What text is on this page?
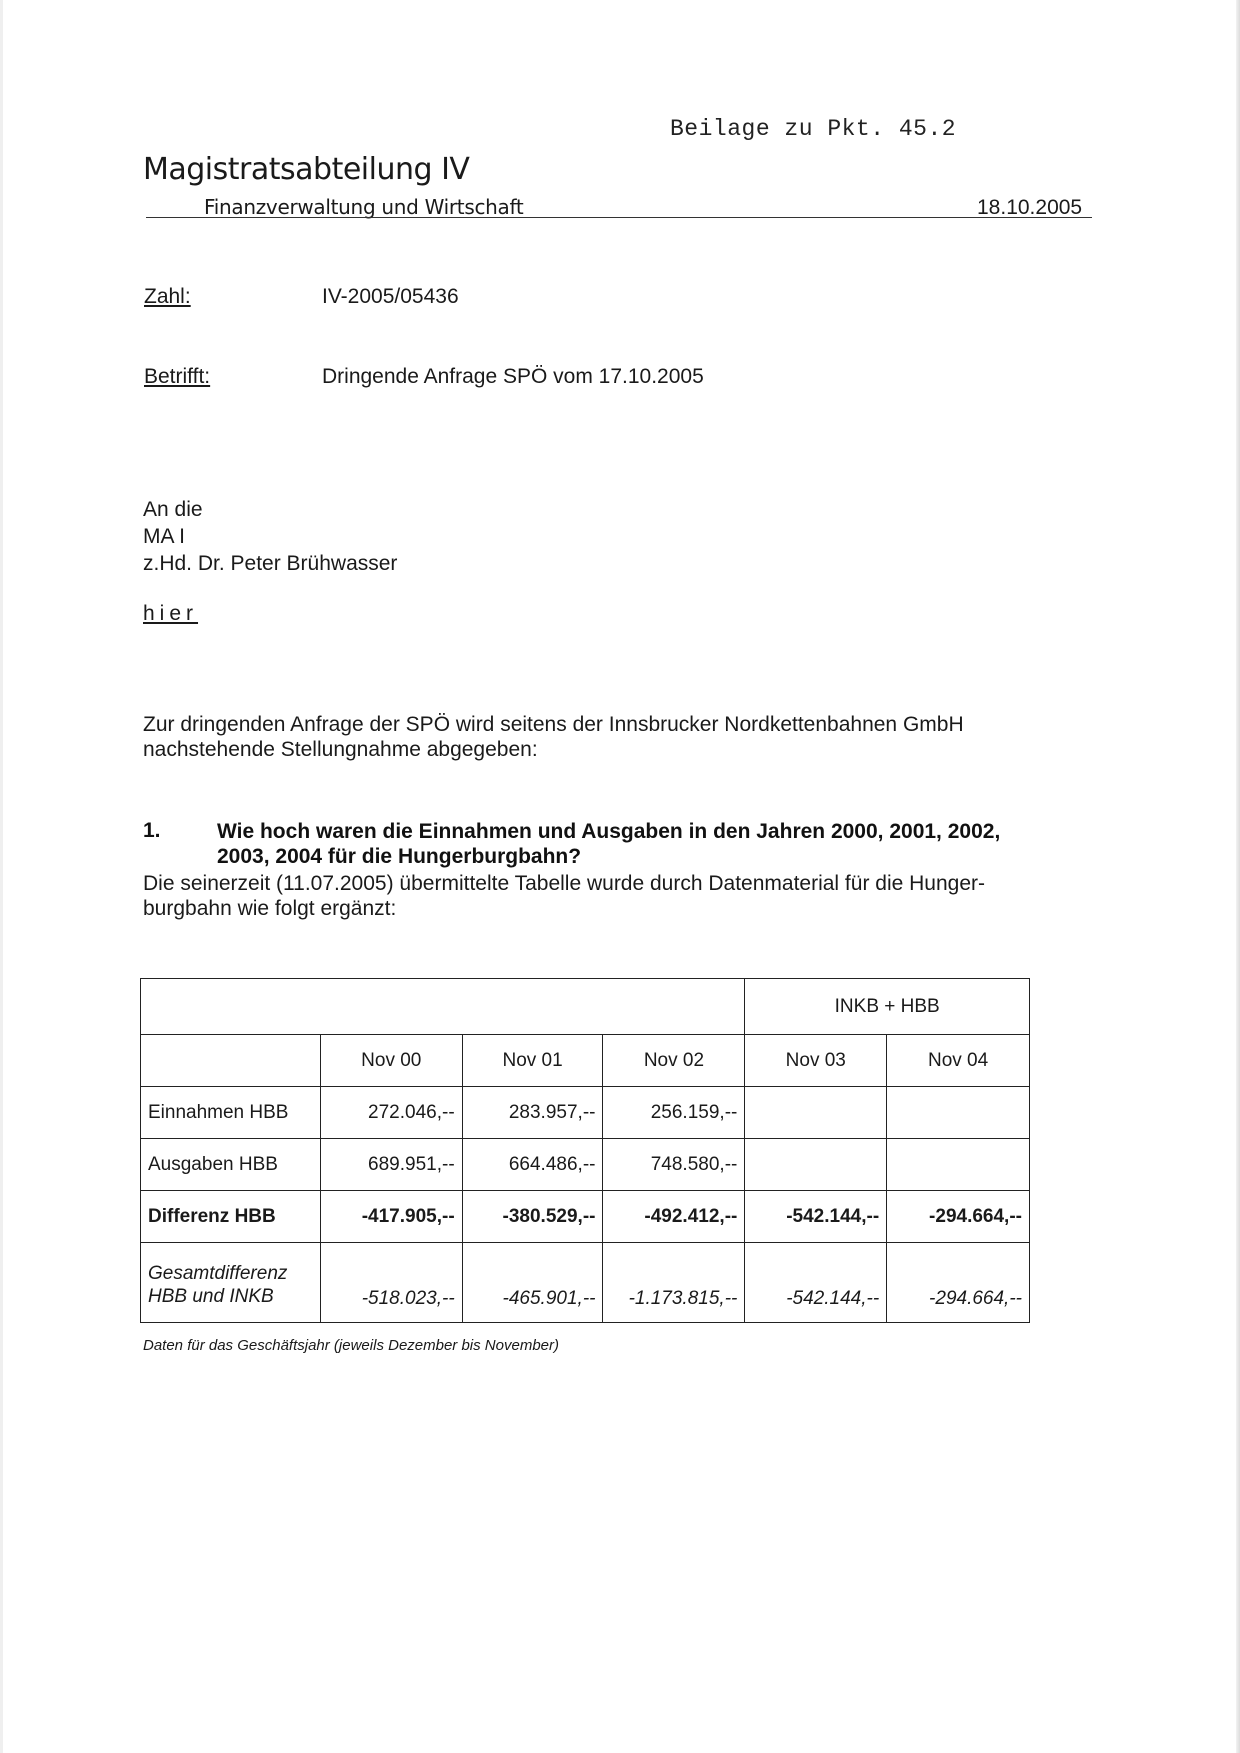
Beilage zu Pkt. 45.2
Magistratsabteilung IV
Finanzverwaltung und Wirtschaft	18.10.2005
Zahl:	IV-2005/05436
Betrifft:	Dringende Anfrage SPÖ vom 17.10.2005
An die
MA I
z.Hd. Dr. Peter Brühwasser
hier
Zur dringenden Anfrage der SPÖ wird seitens der Innsbrucker Nordkettenbahnen GmbH
nachstehende Stellungnahme abgegeben:
1.	Wie hoch waren die Einnahmen und Ausgaben in den Jahren 2000, 2001, 2002,
2003, 2004 für die Hungerburgbahn?
Die seinerzeit (11.07.2005) übermittelte Tabelle wurde durch Datenmaterial für die Hunger-
burgbahn wie folgt ergänzt:
				INKB + HBB	
	Nov 00	Nov 01	Nov 02	Nov 03	Nov 04
Einnahmen HBB	272.046,--	283.957,--	256.159,--		
Ausgaben HBB	689.951,--	664.486,--	748.580,--		
Differenz HBB	-417.905,--	-380.529,--	-492.412,--	-542.144,--	-294.664,--

Gesamtdifferenz
HBB und INKB	-518.023,--	-465.901,--	-1.173.815,--	-542.144,--	-294.664,--
Daten für das Geschäftsjahr (jeweils Dezember bis November)
